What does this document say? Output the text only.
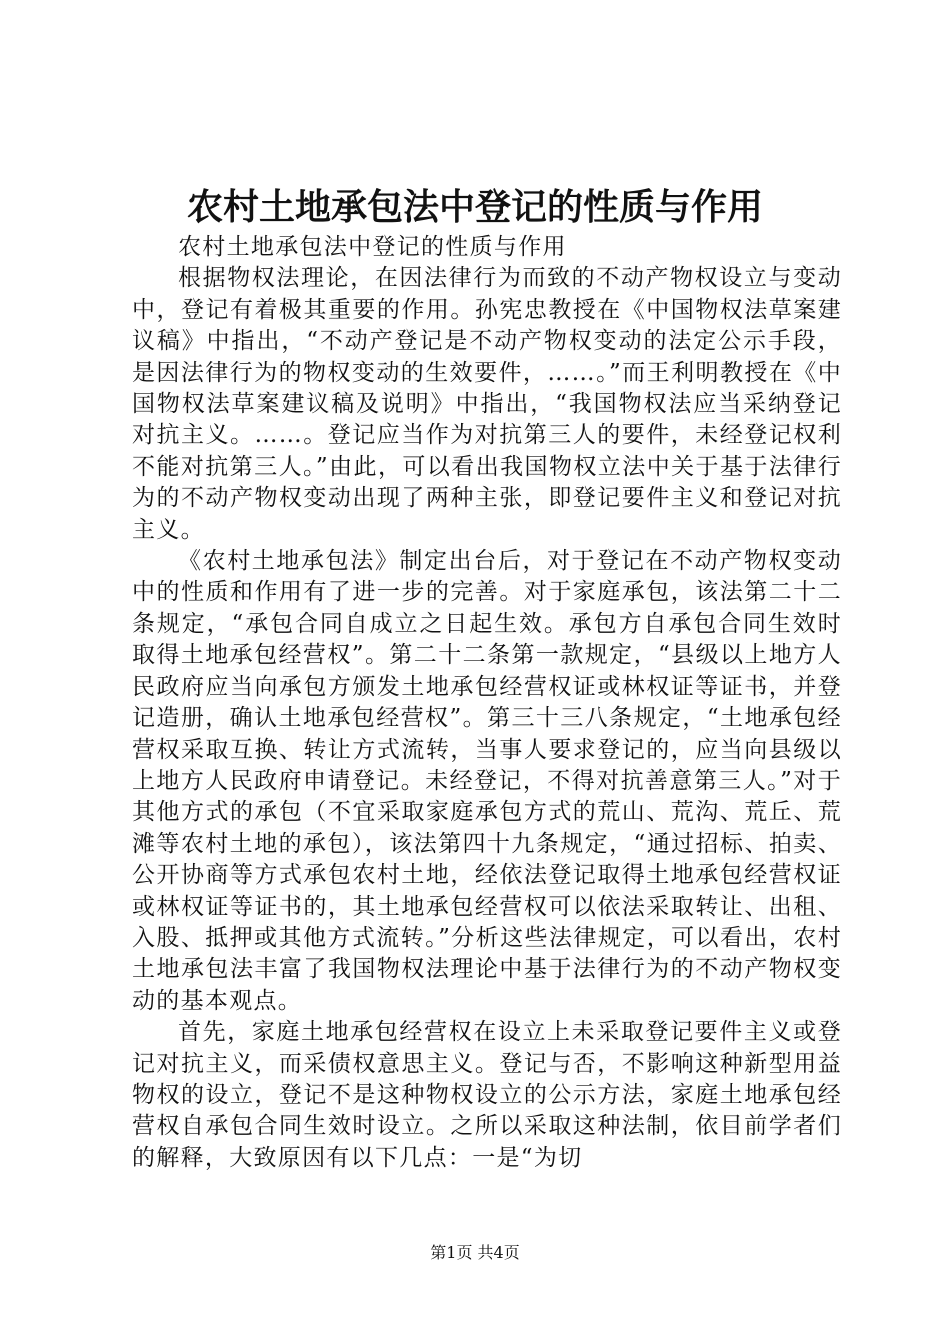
农村土地承包法中登记的性质与作用

农村土地承包法中登记的性质与作用

根据物权法理论，在因法律行为而致的不动产物权设立与变动中，登记有着极其重要的作用。孙宪忠教授在《中国物权法草案建议稿》中指出，“不动产登记是不动产物权变动的法定公示手段，是因法律行为的物权变动的生效要件，……。”而王利明教授在《中国物权法草案建议稿及说明》中指出，“我国物权法应当采纳登记对抗主义。……。登记应当作为对抗第三人的要件，未经登记权利不能对抗第三人。”由此，可以看出我国物权立法中关于基于法律行为的不动产物权变动出现了两种主张，即登记要件主义和登记对抗主义。

《农村土地承包法》制定出台后，对于登记在不动产物权变动中的性质和作用有了进一步的完善。对于家庭承包，该法第二十二条规定，“承包合同自成立之日起生效。承包方自承包合同生效时取得土地承包经营权”。第二十二条第一款规定，“县级以上地方人民政府应当向承包方颁发土地承包经营权证或林权证等证书，并登记造册，确认土地承包经营权”。第三十三八条规定，“土地承包经营权采取互换、转让方式流转，当事人要求登记的，应当向县级以上地方人民政府申请登记。未经登记，不得对抗善意第三人。”对于其他方式的承包（不宜采取家庭承包方式的荒山、荒沟、荒丘、荒滩等农村土地的承包），该法第四十九条规定，“通过招标、拍卖、公开协商等方式承包农村土地，经依法登记取得土地承包经营权证或林权证等证书的，其土地承包经营权可以依法采取转让、出租、入股、抵押或其他方式流转。”分析这些法律规定，可以看出，农村土地承包法丰富了我国物权法理论中基于法律行为的不动产物权变动的基本观点。

首先，家庭土地承包经营权在设立上未采取登记要件主义或登记对抗主义，而采债权意思主义。登记与否，不影响这种新型用益物权的设立，登记不是这种物权设立的公示方法，家庭土地承包经营权自承包合同生效时设立。之所以采取这种法制，依目前学者们的解释，大致原因有以下几点：一是“为切

第1页 共4页
